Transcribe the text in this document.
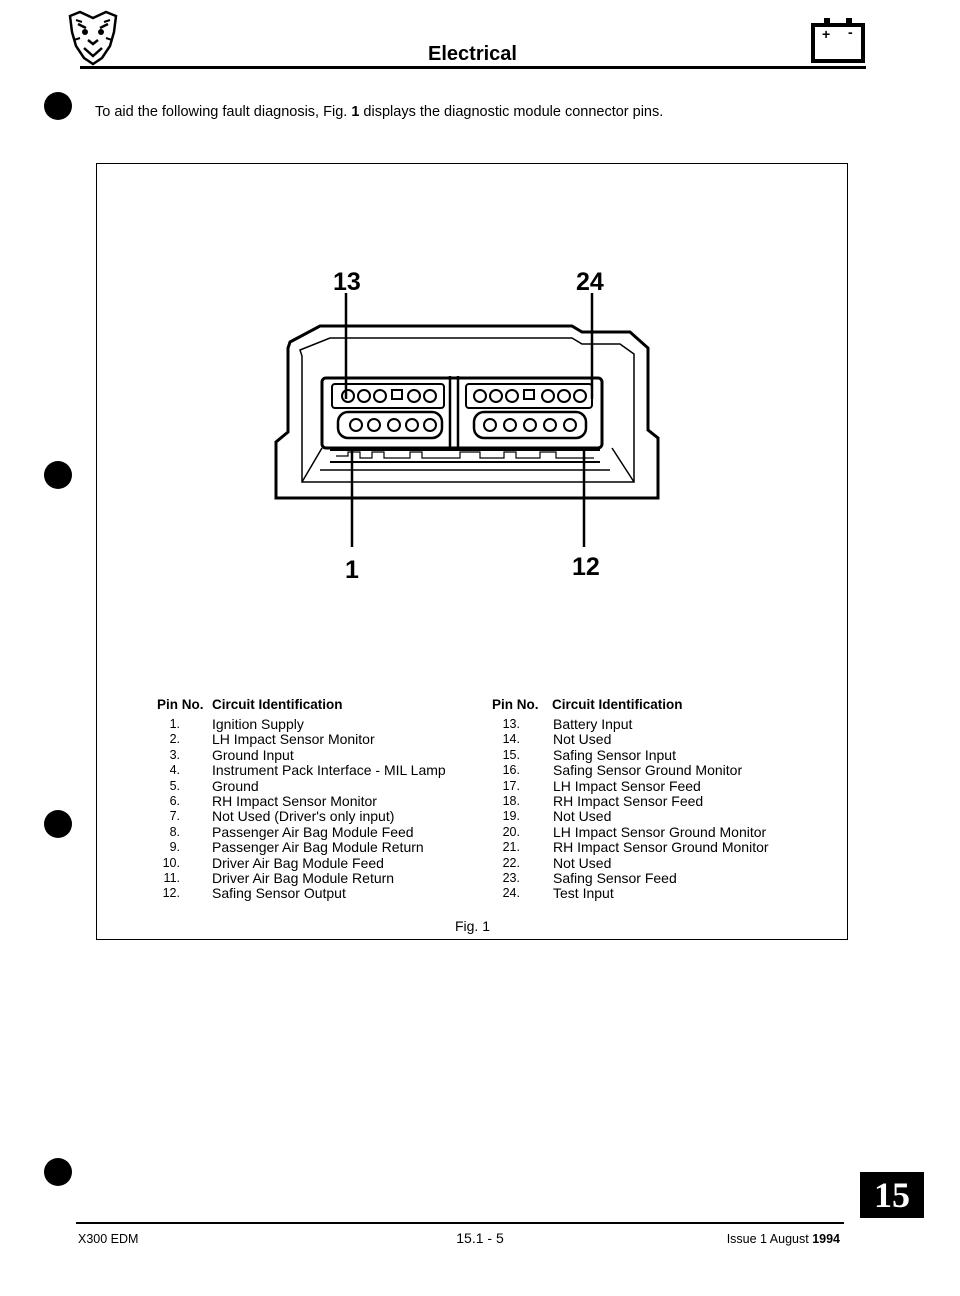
Electrical
+ -
To aid the following fault diagnosis, Fig. 1 displays the diagnostic module connector pins.
13	24
1	12
Pin No. Circuit Identification	Pin No. Circuit Identification
1. Ignition Supply
2. LH Impact Sensor Monitor
3. Ground Input
4. Instrument Pack Interface - MIL Lamp
5. Ground
6. RH Impact Sensor Monitor
7. Not Used (Driver's only input)
8. Passenger Air Bag Module Feed
9. Passenger Air Bag Module Return
10. Driver Air Bag Module Feed
11. Driver Air Bag Module Return
12. Safing Sensor Output
13. Battery Input
14. Not Used
15. Safing Sensor Input
16. Safing Sensor Ground Monitor
17. LH Impact Sensor Feed
18. RH Impact Sensor Feed
19. Not Used
20. LH Impact Sensor Ground Monitor
21. RH Impact Sensor Ground Monitor
22. Not Used
23. Safing Sensor Feed
24. Test Input
Fig. 1
15
X300 EDM	15.1 - 5	Issue 1 August 1994
